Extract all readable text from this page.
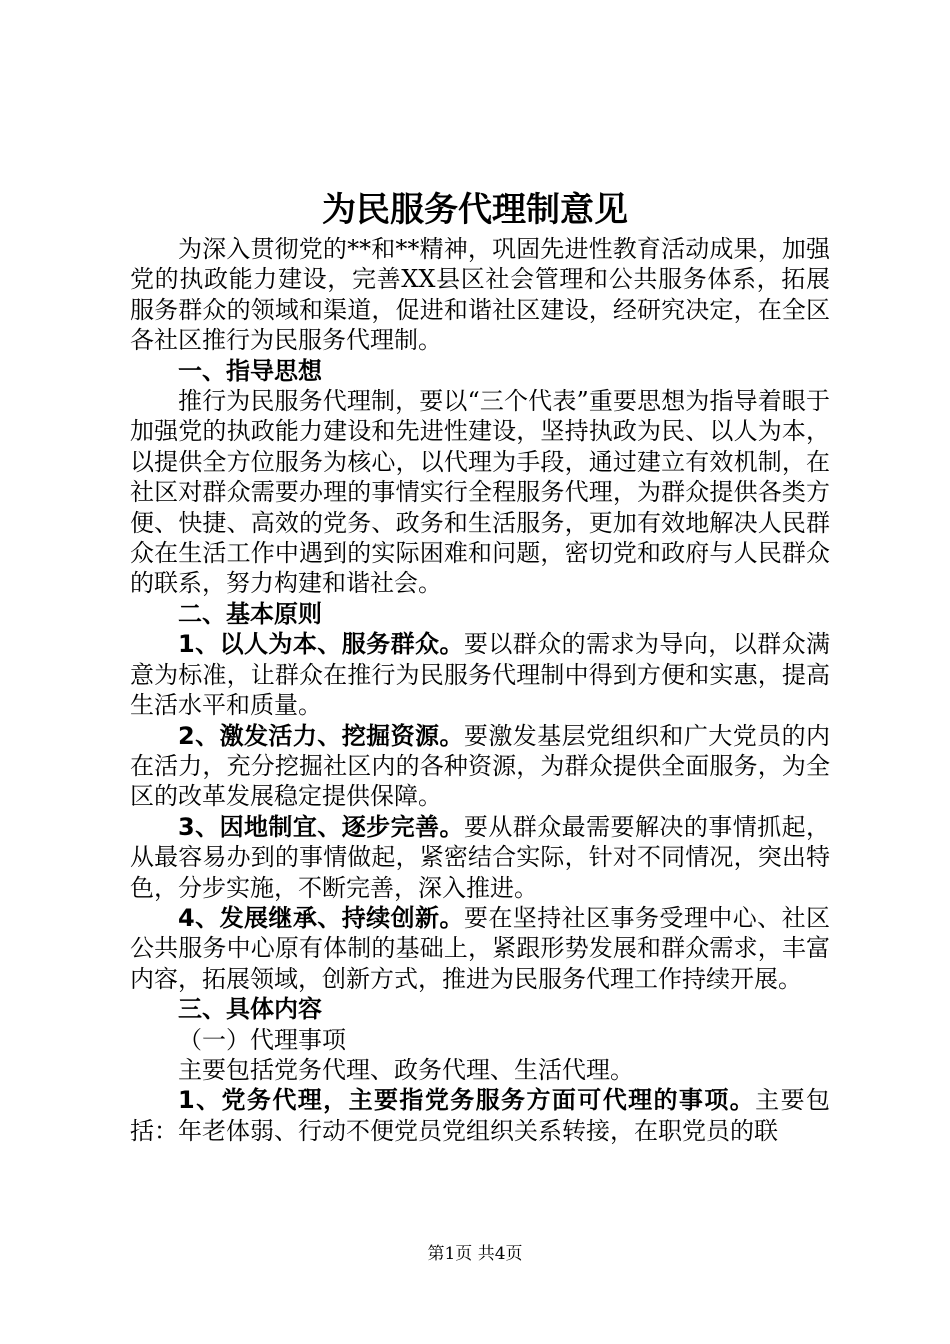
为民服务代理制意见

为深入贯彻党的**和**精神，巩固先进性教育活动成果，加强党的执政能力建设，完善XX县区社会管理和公共服务体系，拓展服务群众的领域和渠道，促进和谐社区建设，经研究决定，在全区各社区推行为民服务代理制。

一、指导思想

推行为民服务代理制，要以“三个代表”重要思想为指导着眼于加强党的执政能力建设和先进性建设，坚持执政为民、以人为本，以提供全方位服务为核心，以代理为手段，通过建立有效机制，在社区对群众需要办理的事情实行全程服务代理，为群众提供各类方便、快捷、高效的党务、政务和生活服务，更加有效地解决人民群众在生活工作中遇到的实际困难和问题，密切党和政府与人民群众的联系，努力构建和谐社会。

二、基本原则

1、以人为本、服务群众。要以群众的需求为导向，以群众满意为标准，让群众在推行为民服务代理制中得到方便和实惠，提高生活水平和质量。

2、激发活力、挖掘资源。要激发基层党组织和广大党员的内在活力，充分挖掘社区内的各种资源，为群众提供全面服务，为全区的改革发展稳定提供保障。

3、因地制宜、逐步完善。要从群众最需要解决的事情抓起，从最容易办到的事情做起，紧密结合实际，针对不同情况，突出特色，分步实施，不断完善，深入推进。

4、发展继承、持续创新。要在坚持社区事务受理中心、社区公共服务中心原有体制的基础上，紧跟形势发展和群众需求，丰富内容，拓展领域，创新方式，推进为民服务代理工作持续开展。

三、具体内容

（一）代理事项

主要包括党务代理、政务代理、生活代理。

1、党务代理，主要指党务服务方面可代理的事项。主要包括：年老体弱、行动不便党员党组织关系转接，在职党员的联

第1页 共4页
